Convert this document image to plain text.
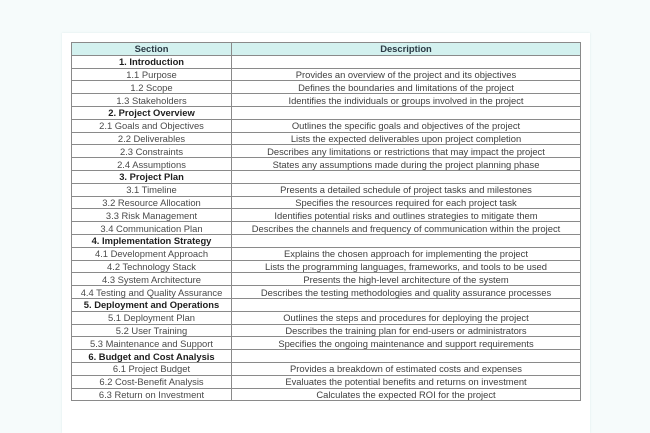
Section	Description
1. Introduction	
1.1 Purpose	Provides an overview of the project and its objectives
1.2 Scope	Defines the boundaries and limitations of the project
1.3 Stakeholders	Identifies the individuals or groups involved in the project
2. Project Overview	
2.1 Goals and Objectives	Outlines the specific goals and objectives of the project
2.2 Deliverables	Lists the expected deliverables upon project completion
2.3 Constraints	Describes any limitations or restrictions that may impact the project
2.4 Assumptions	States any assumptions made during the project planning phase
3. Project Plan	
3.1 Timeline	Presents a detailed schedule of project tasks and milestones
3.2 Resource Allocation	Specifies the resources required for each project task
3.3 Risk Management	Identifies potential risks and outlines strategies to mitigate them
3.4 Communication Plan	Describes the channels and frequency of communication within the project
4. Implementation Strategy	
4.1 Development Approach	Explains the chosen approach for implementing the project
4.2 Technology Stack	Lists the programming languages, frameworks, and tools to be used
4.3 System Architecture	Presents the high-level architecture of the system
4.4 Testing and Quality Assurance	Describes the testing methodologies and quality assurance processes
5. Deployment and Operations	
5.1 Deployment Plan	Outlines the steps and procedures for deploying the project
5.2 User Training	Describes the training plan for end-users or administrators
5.3 Maintenance and Support	Specifies the ongoing maintenance and support requirements
6. Budget and Cost Analysis	
6.1 Project Budget	Provides a breakdown of estimated costs and expenses
6.2 Cost-Benefit Analysis	Evaluates the potential benefits and returns on investment
6.3 Return on Investment	Calculates the expected ROI for the project
